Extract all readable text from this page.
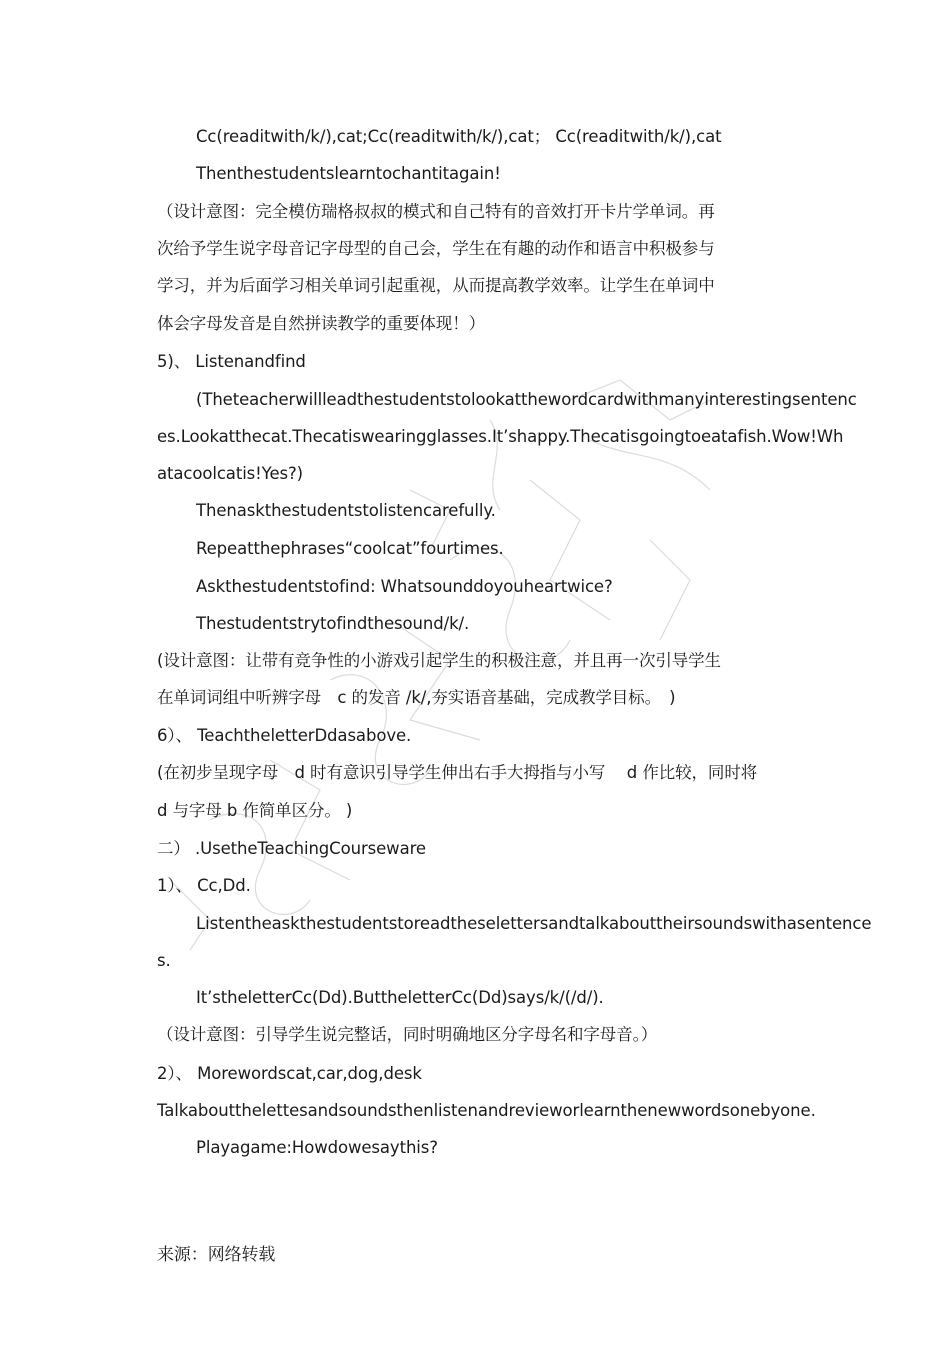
Cc(readitwith/k/),cat;Cc(readitwith/k/),cat； Cc(readitwith/k/),cat
Thenthestudentslearntochantitagain!
（设计意图：完全模仿瑞格叔叔的模式和自己特有的音效打开卡片学单词。再
次给予学生说字母音记字母型的自己会，学生在有趣的动作和语言中积极参与
学习，并为后面学习相关单词引起重视，从而提高教学效率。让学生在单词中
体会字母发音是自然拼读教学的重要体现！）
5)、 Listenandfind
(Theteacherwillleadthestudentstolookatthewordcardwithmanyinterestingsentenc
es.Lookatthecat.Thecatiswearingglasses.It’shappy.Thecatisgoingtoeatafish.Wow!Wh
atacoolcatis!Yes?)
Thenaskthestudentstolistencarefully.
Repeatthephrases“coolcat”fourtimes.
Askthestudentstofind: Whatsounddoyouheartwice?
Thestudentstrytofindthesound/k/.
(设计意图：让带有竞争性的小游戏引起学生的积极注意，并且再一次引导学生
在单词词组中听辨字母　c 的发音 /k/,夯实语音基础，完成教学目标。　)
6）、 TeachtheletterDdasabove.
(在初步呈现字母　d 时有意识引导学生伸出右手大拇指与小写　 d 作比较，同时将
d 与字母 b 作简单区分。 )
二） .UsetheTeachingCourseware
1）、 Cc,Dd.
Listentheaskthestudentstoreadtheselettersandtalkabouttheirsoundswithasentence
s.
It’stheletterCc(Dd).ButtheletterCc(Dd)says/k/(/d/).
（设计意图：引导学生说完整话，同时明确地区分字母名和字母音。）
2）、 Morewordscat,car,dog,desk
Talkaboutthelettesandsoundsthenlistenandrevieworlearnthenewwordsonebyone.
Playagame:Howdowesaythis?
来源：网络转载
